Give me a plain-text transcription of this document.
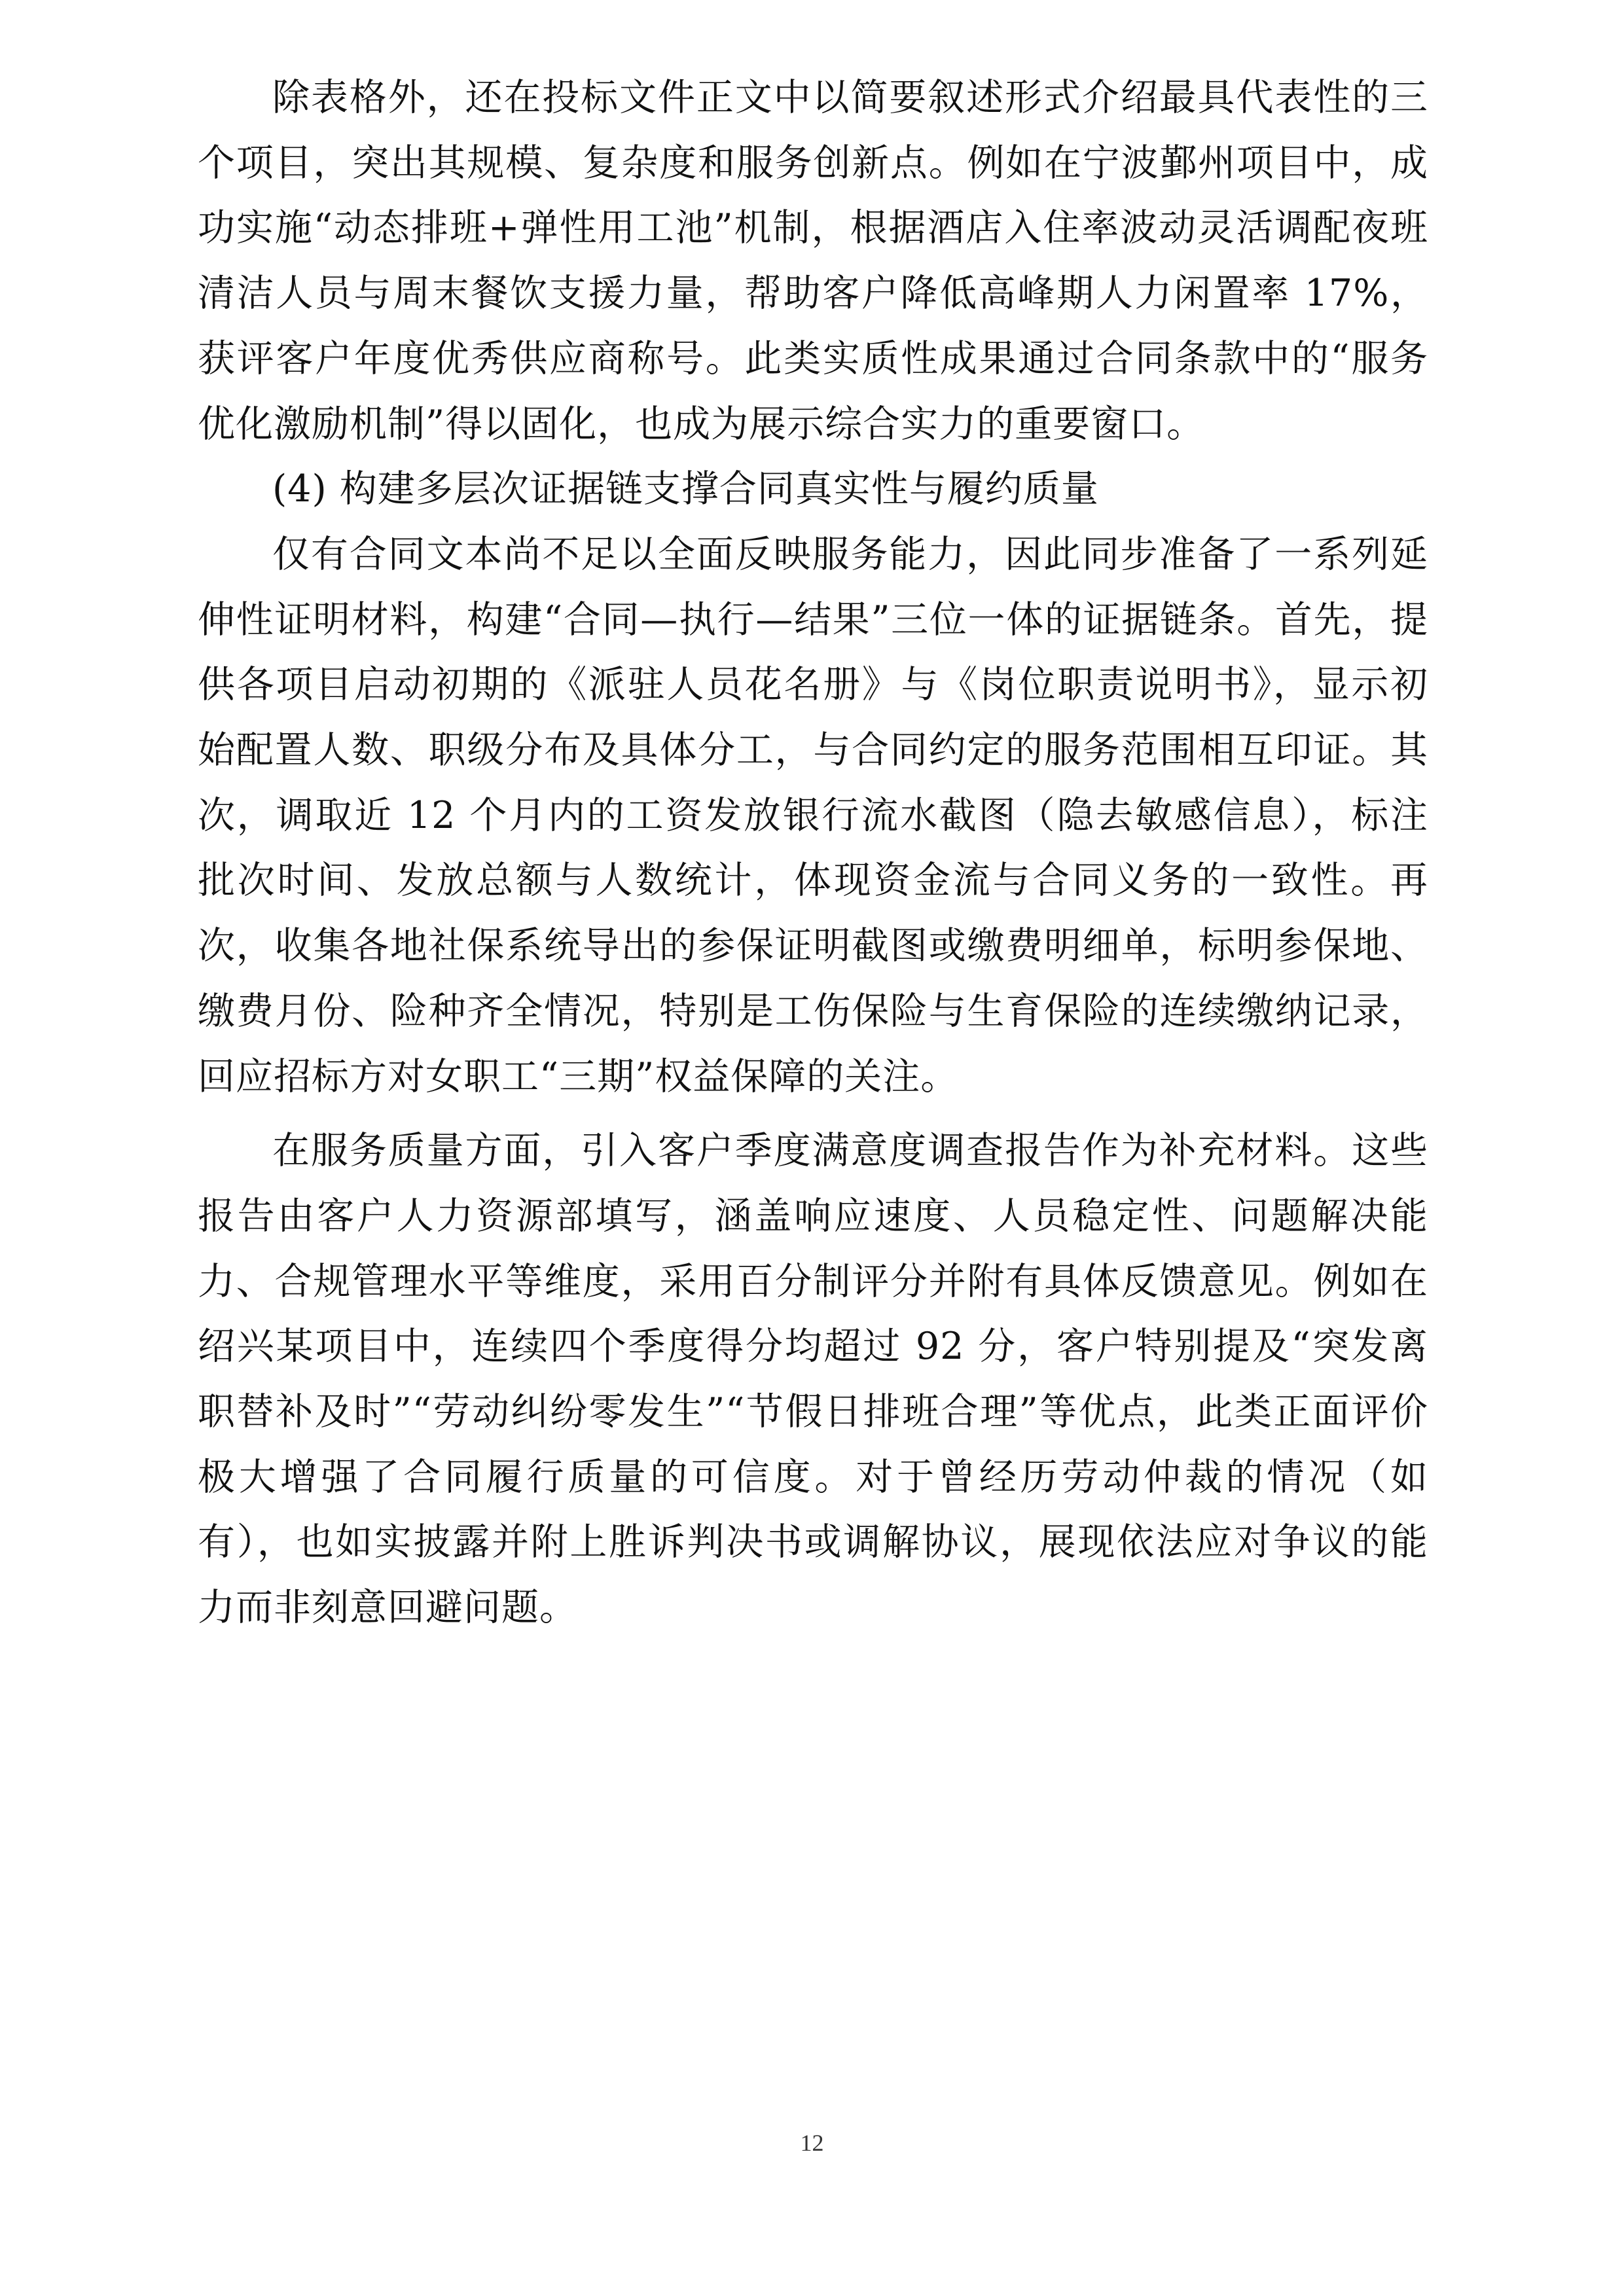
除表格外，还在投标文件正文中以简要叙述形式介绍最具代表性的三个项目，突出其规模、复杂度和服务创新点。例如在宁波鄞州项目中，成功实施“动态排班+弹性用工池”机制，根据酒店入住率波动灵活调配夜班清洁人员与周末餐饮支援力量，帮助客户降低高峰期人力闲置率 17%，获评客户年度优秀供应商称号。此类实质性成果通过合同条款中的“服务优化激励机制”得以固化，也成为展示综合实力的重要窗口。

(4) 构建多层次证据链支撑合同真实性与履约质量

仅有合同文本尚不足以全面反映服务能力，因此同步准备了一系列延伸性证明材料，构建“合同—执行—结果”三位一体的证据链条。首先，提供各项目启动初期的《派驻人员花名册》与《岗位职责说明书》，显示初始配置人数、职级分布及具体分工，与合同约定的服务范围相互印证。其次，调取近 12 个月内的工资发放银行流水截图（隐去敏感信息），标注批次时间、发放总额与人数统计，体现资金流与合同义务的一致性。再次，收集各地社保系统导出的参保证明截图或缴费明细单，标明参保地、缴费月份、险种齐全情况，特别是工伤保险与生育保险的连续缴纳记录，回应招标方对女职工“三期”权益保障的关注。

在服务质量方面，引入客户季度满意度调查报告作为补充材料。这些报告由客户人力资源部填写，涵盖响应速度、人员稳定性、问题解决能力、合规管理水平等维度，采用百分制评分并附有具体反馈意见。例如在绍兴某项目中，连续四个季度得分均超过 92 分，客户特别提及“突发离职替补及时”“劳动纠纷零发生”“节假日排班合理”等优点，此类正面评价极大增强了合同履行质量的可信度。对于曾经历劳动仲裁的情况（如有），也如实披露并附上胜诉判决书或调解协议，展现依法应对争议的能力而非刻意回避问题。

12
